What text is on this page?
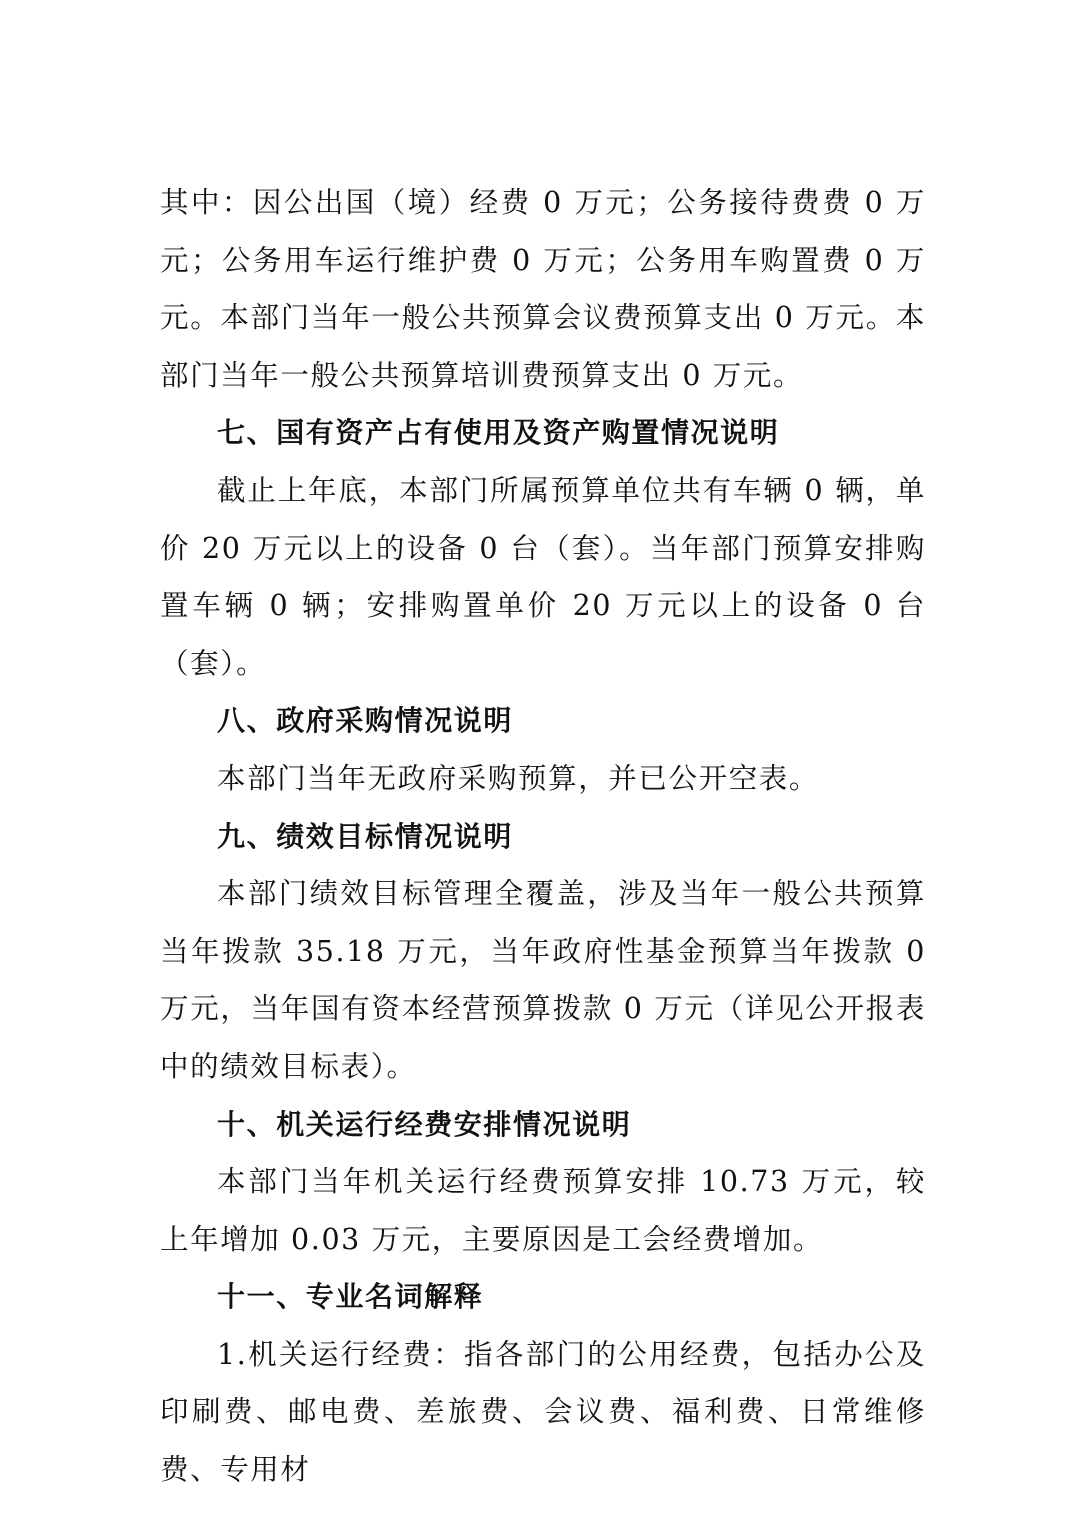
其中：因公出国（境）经费 0 万元；公务接待费费 0 万元；公务用车运行维护费 0 万元；公务用车购置费 0 万元。本部门当年一般公共预算会议费预算支出 0 万元。本部门当年一般公共预算培训费预算支出 0 万元。

七、国有资产占有使用及资产购置情况说明

截止上年底，本部门所属预算单位共有车辆 0 辆，单价 20 万元以上的设备 0 台（套）。当年部门预算安排购置车辆 0 辆；安排购置单价 20 万元以上的设备 0 台（套）。

八、政府采购情况说明

本部门当年无政府采购预算，并已公开空表。

九、绩效目标情况说明

本部门绩效目标管理全覆盖，涉及当年一般公共预算当年拨款 35.18 万元，当年政府性基金预算当年拨款 0 万元，当年国有资本经营预算拨款 0 万元（详见公开报表中的绩效目标表）。

十、机关运行经费安排情况说明

本部门当年机关运行经费预算安排 10.73 万元，较上年增加 0.03 万元，主要原因是工会经费增加。

十一、专业名词解释

1.机关运行经费：指各部门的公用经费，包括办公及印刷费、邮电费、差旅费、会议费、福利费、日常维修费、专用材
